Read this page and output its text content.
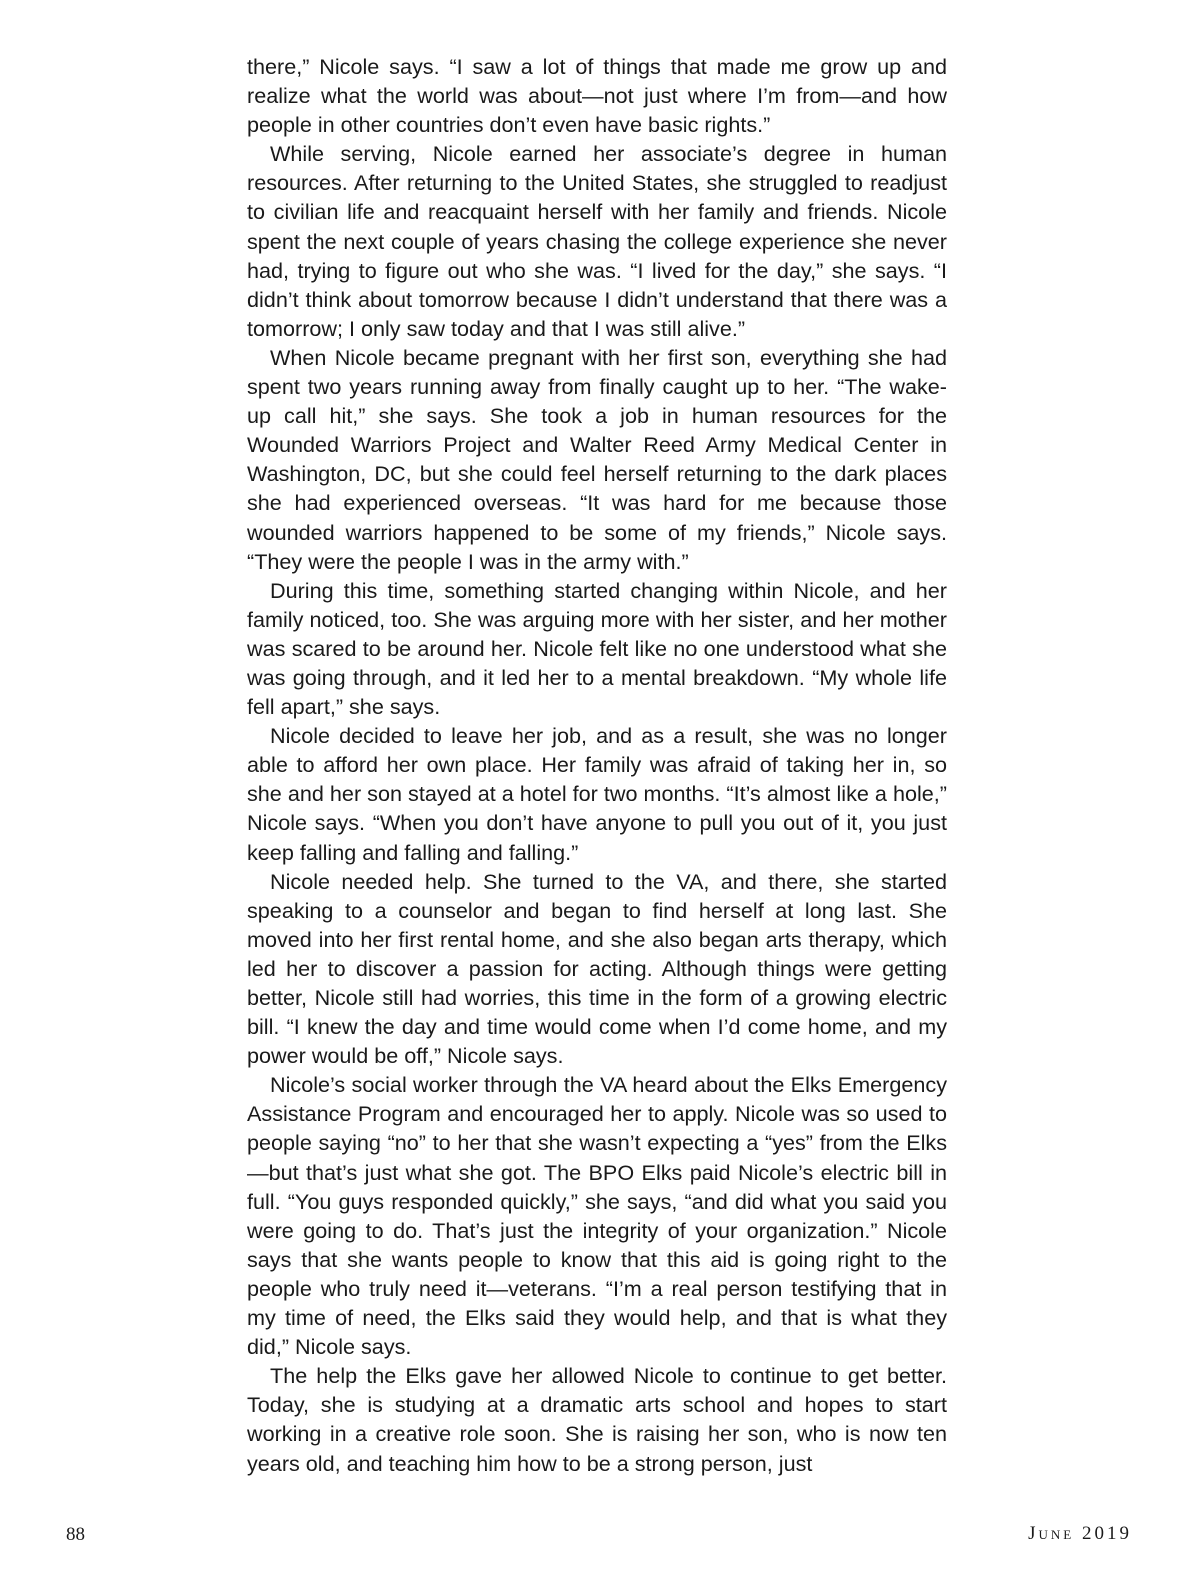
there,” Nicole says. “I saw a lot of things that made me grow up and realize what the world was about—not just where I’m from—and how people in other countries don’t even have basic rights.”

While serving, Nicole earned her associate’s degree in human resources. After returning to the United States, she struggled to readjust to civilian life and reacquaint herself with her family and friends. Nicole spent the next couple of years chasing the college experience she never had, trying to figure out who she was. “I lived for the day,” she says. “I didn’t think about tomorrow because I didn’t understand that there was a tomorrow; I only saw today and that I was still alive.”

When Nicole became pregnant with her first son, everything she had spent two years running away from finally caught up to her. “The wake-up call hit,” she says. She took a job in human resources for the Wounded Warriors Project and Walter Reed Army Medical Center in Washington, DC, but she could feel herself returning to the dark places she had experienced overseas. “It was hard for me because those wounded warriors happened to be some of my friends,” Nicole says. “They were the people I was in the army with.”

During this time, something started changing within Nicole, and her family noticed, too. She was arguing more with her sister, and her mother was scared to be around her. Nicole felt like no one understood what she was going through, and it led her to a mental breakdown. “My whole life fell apart,” she says.

Nicole decided to leave her job, and as a result, she was no longer able to afford her own place. Her family was afraid of taking her in, so she and her son stayed at a hotel for two months. “It’s almost like a hole,” Nicole says. “When you don’t have anyone to pull you out of it, you just keep falling and falling and falling.”

Nicole needed help. She turned to the VA, and there, she started speaking to a counselor and began to find herself at long last. She moved into her first rental home, and she also began arts therapy, which led her to discover a passion for acting. Although things were getting better, Nicole still had worries, this time in the form of a growing electric bill. “I knew the day and time would come when I’d come home, and my power would be off,” Nicole says.

Nicole’s social worker through the VA heard about the Elks Emergency Assistance Program and encouraged her to apply. Nicole was so used to people saying “no” to her that she wasn’t expecting a “yes” from the Elks—but that’s just what she got. The BPO Elks paid Nicole’s electric bill in full. “You guys responded quickly,” she says, “and did what you said you were going to do. That’s just the integrity of your organization.” Nicole says that she wants people to know that this aid is going right to the people who truly need it—veterans. “I’m a real person testifying that in my time of need, the Elks said they would help, and that is what they did,” Nicole says.

The help the Elks gave her allowed Nicole to continue to get better. Today, she is studying at a dramatic arts school and hopes to start working in a creative role soon. She is raising her son, who is now ten years old, and teaching him how to be a strong person, just

88	June 2019
